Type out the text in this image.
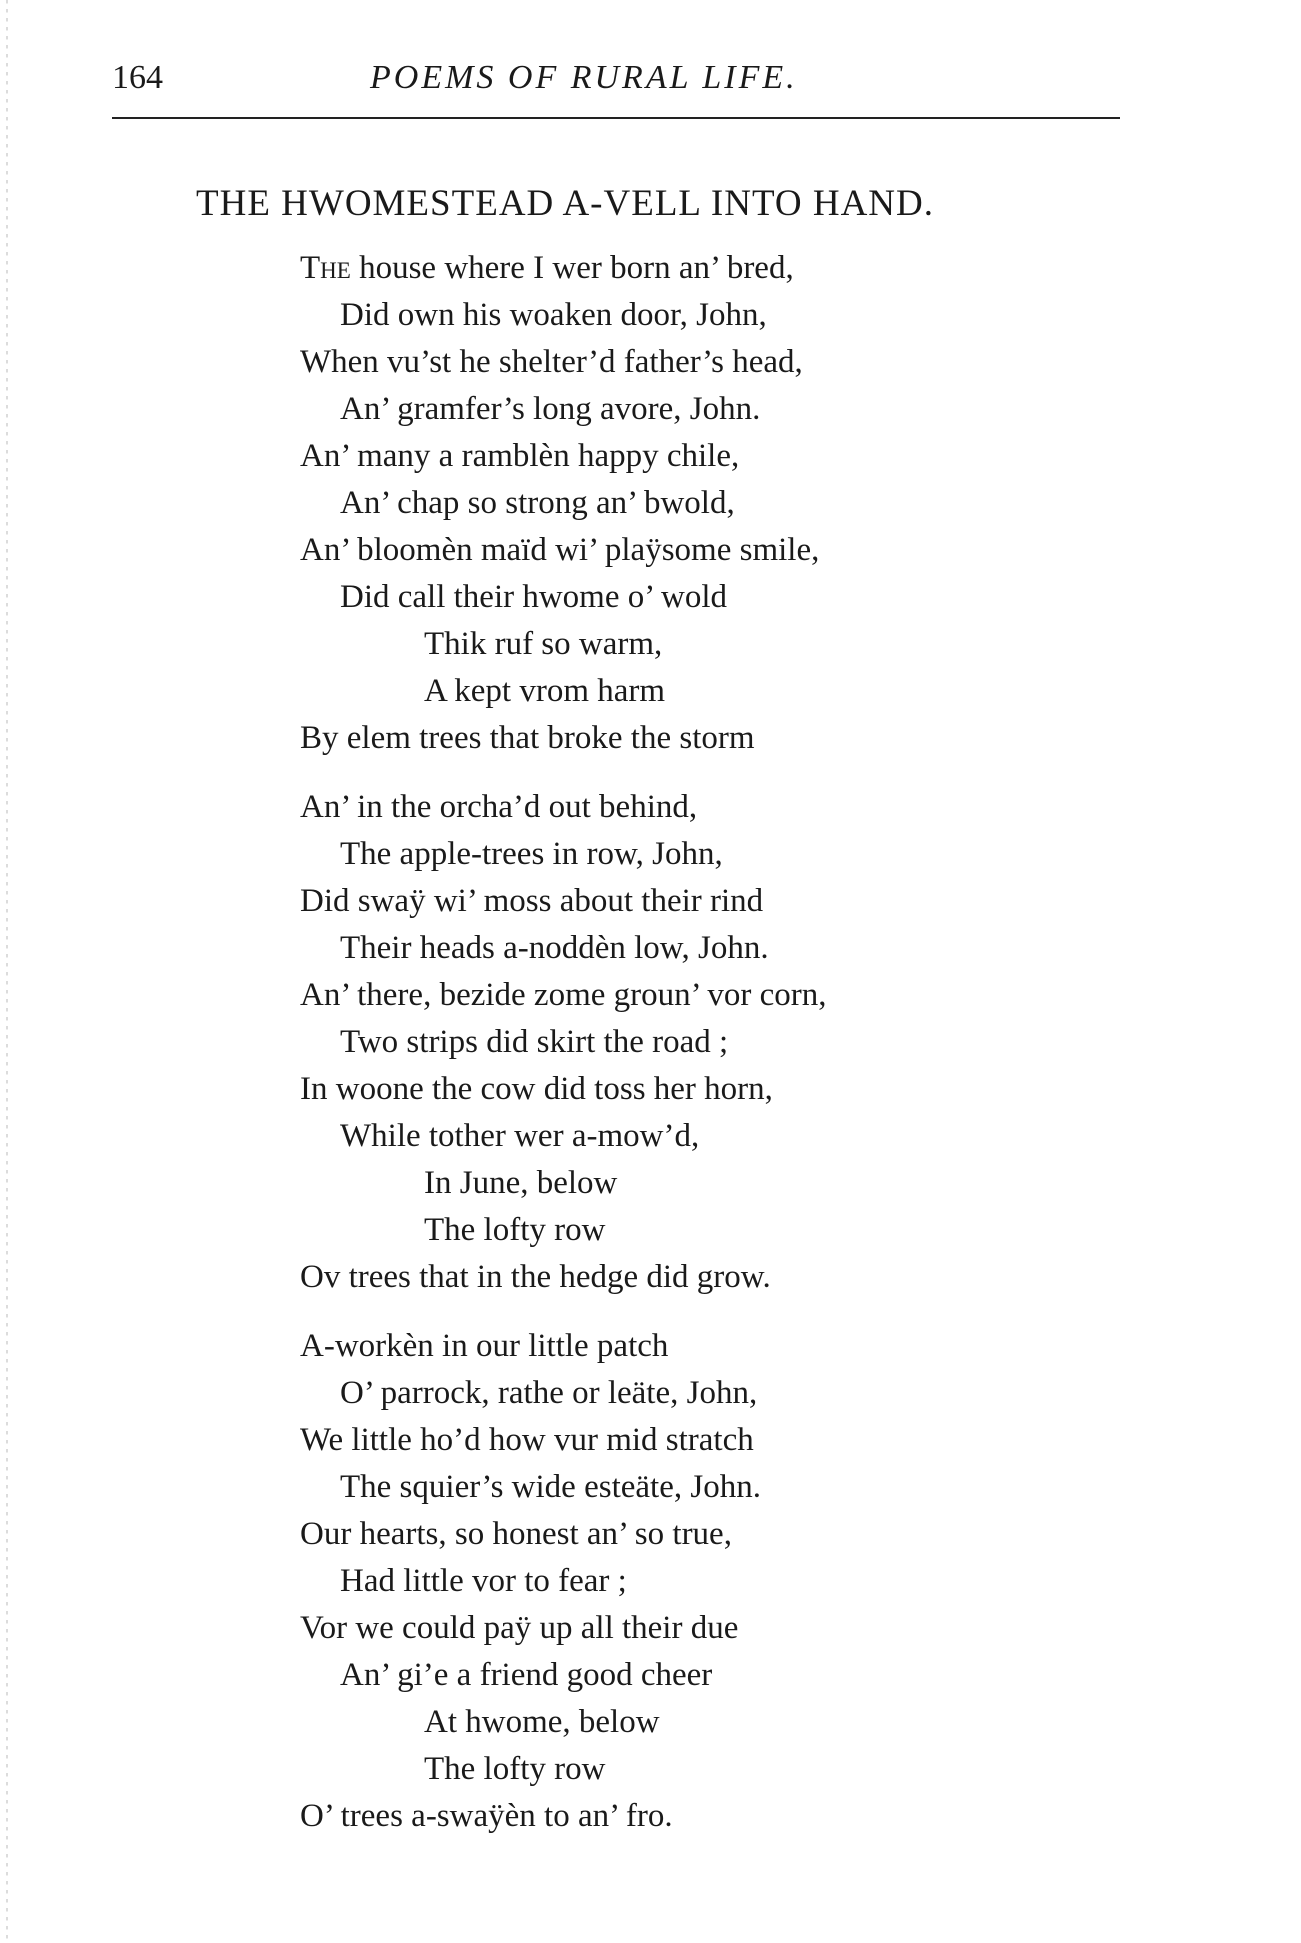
164	POEMS OF RURAL LIFE.
THE HWOMESTEAD A-VELL INTO HAND.
The house where I wer born an’ bred,
Did own his woaken door, John,
When vu’st he shelter’d father’s head,
An’ gramfer’s long avore, John.
An’ many a ramblèn happy chile,
An’ chap so strong an’ bwold,
An’ bloomèn maïd wi’ plaÿsome smile,
Did call their hwome o’ wold
Thik ruf so warm,
A kept vrom harm
By elem trees that broke the storm
An’ in the orcha’d out behind,
The apple-trees in row, John,
Did swaÿ wi’ moss about their rind
Their heads a-noddèn low, John.
An’ there, bezide zome groun’ vor corn,
Two strips did skirt the road ;
In woone the cow did toss her horn,
While tother wer a-mow’d,
In June, below
The lofty row
Ov trees that in the hedge did grow.
A-workèn in our little patch
O’ parrock, rathe or leäte, John,
We little ho’d how vur mid stratch
The squier’s wide esteäte, John.
Our hearts, so honest an’ so true,
Had little vor to fear ;
Vor we could paÿ up all their due
An’ gi’e a friend good cheer
At hwome, below
The lofty row
O’ trees a-swaÿèn to an’ fro.
